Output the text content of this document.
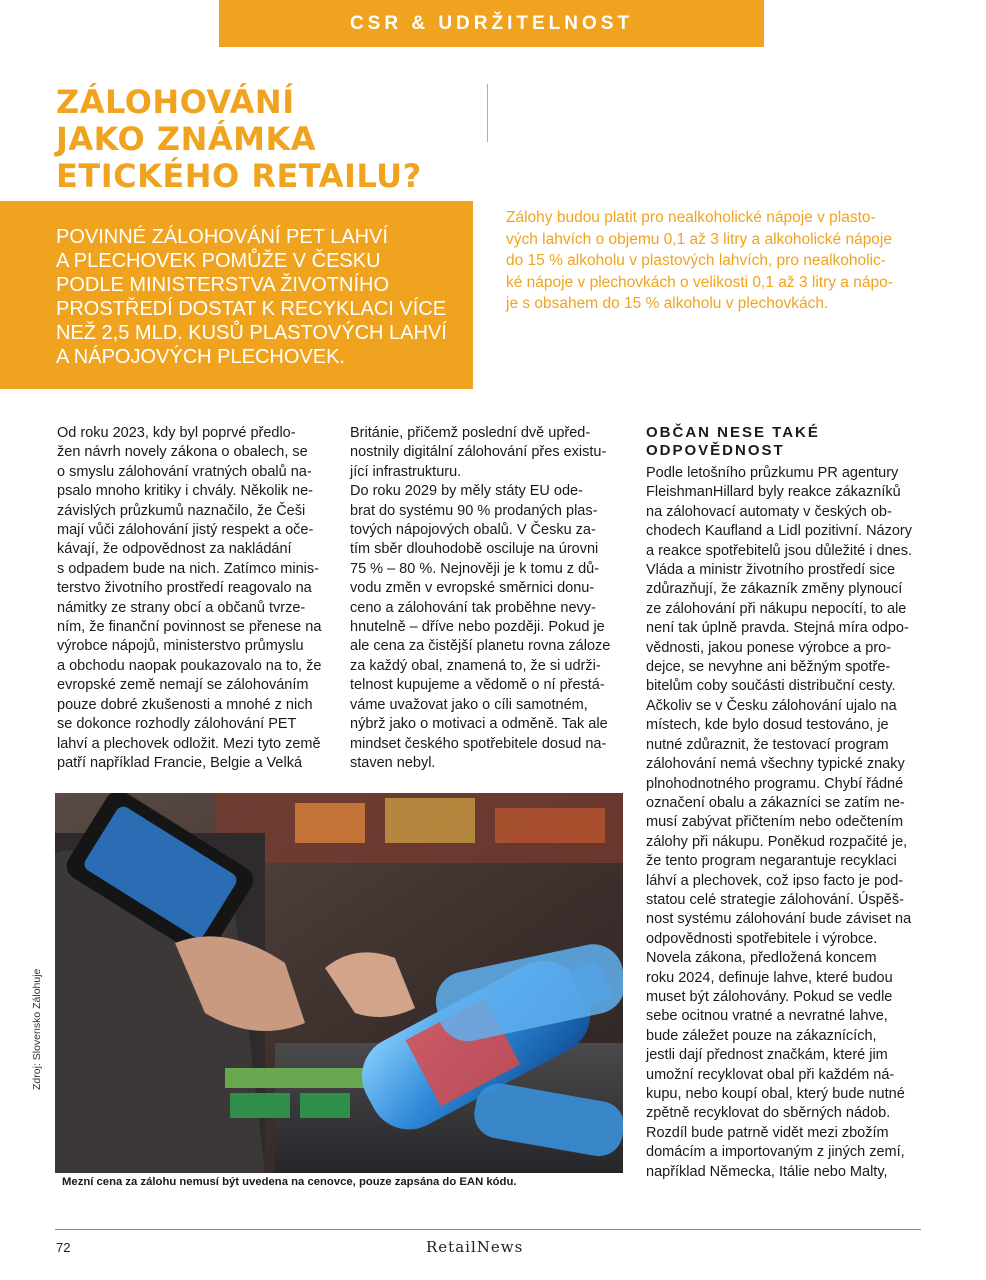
CSR & UDRŽITELNOST
ZÁLOHOVÁNÍ
JAKO ZNÁMKA
ETICKÉHO RETAILU?
POVINNÉ ZÁLOHOVÁNÍ PET LAHVÍ
A PLECHOVEK POMŮŽE V ČESKU
PODLE MINISTERSTVA ŽIVOTNÍHO
PROSTŘEDÍ DOSTAT K RECYKLACI VÍCE
NEŽ 2,5 MLD. KUSŮ PLASTOVÝCH LAHVÍ
A NÁPOJOVÝCH PLECHOVEK.
Zálohy budou platit pro nealkoholické nápoje v plasto-
vých lahvích o objemu 0,1 až 3 litry a alkoholické nápoje
do 15 % alkoholu v plastových lahvích, pro nealkoholic-
ké nápoje v plechovkách o velikosti 0,1 až 3 litry a nápo-
je s obsahem do 15 % alkoholu v plechovkách.
Od roku 2023, kdy byl poprvé předlo-
žen návrh novely zákona o obalech, se
o smyslu zálohování vratných obalů na-
psalo mnoho kritiky i chvály. Několik ne-
závislých průzkumů naznačilo, že Češi
mají vůči zálohování jistý respekt a oče-
kávají, že odpovědnost za nakládání
s odpadem bude na nich. Zatímco minis-
terstvo životního prostředí reagovalo na
námitky ze strany obcí a občanů tvrze-
ním, že finanční povinnost se přenese na
výrobce nápojů, ministerstvo průmyslu
a obchodu naopak poukazovalo na to, že
evropské země nemají se zálohováním
pouze dobré zkušenosti a mnohé z nich
se dokonce rozhodly zálohování PET
lahví a plechovek odložit. Mezi tyto země
patří například Francie, Belgie a Velká
Británie, přičemž poslední dvě upřed-
nostnily digitální zálohování přes existu-
jící infrastrukturu.
Do roku 2029 by měly státy EU ode-
brat do systému 90 % prodaných plas-
tových nápojových obalů. V Česku za-
tím sběr dlouhodobě osciluje na úrovni
75 % – 80 %. Nejnověji je k tomu z dů-
vodu změn v evropské směrnici donu-
ceno a zálohování tak proběhne nevy-
hnutelně – dříve nebo později. Pokud je
ale cena za čistější planetu rovna záloze
za každý obal, znamená to, že si udrži-
telnost kupujeme a vědomě o ní přestá-
váme uvažovat jako o cíli samotném,
nýbrž jako o motivaci a odměně. Tak ale
mindset českého spotřebitele dosud na-
staven nebyl.
OBČAN NESE TAKÉ
ODPOVĚDNOST
Podle letošního průzkumu PR agentury
FleishmanHillard byly reakce zákazníků
na zálohovací automaty v českých ob-
chodech Kaufland a Lidl pozitivní. Názory
a reakce spotřebitelů jsou důležité i dnes.
Vláda a ministr životního prostředí sice
zdůrazňují, že zákazník změny plynoucí
ze zálohování při nákupu nepocítí, to ale
není tak úplně pravda. Stejná míra odpo-
vědnosti, jakou ponese výrobce a pro-
dejce, se nevyhne ani běžným spotře-
bitelům coby součásti distribuční cesty.
Ačkoliv se v Česku zálohování ujalo na
místech, kde bylo dosud testováno, je
nutné zdůraznit, že testovací program
zálohování nemá všechny typické znaky
plnohodnotného programu. Chybí řádné
označení obalu a zákazníci se zatím ne-
musí zabývat přičtením nebo odečtením
zálohy při nákupu. Poněkud rozpačité je,
že tento program negarantuje recyklaci
láhví a plechovek, což ipso facto je pod-
statou celé strategie zálohování. Úspěš-
nost systému zálohování bude záviset na
odpovědnosti spotřebitele i výrobce.
Novela zákona, předložená koncem
roku 2024, definuje lahve, které budou
muset být zálohovány. Pokud se vedle
sebe ocitnou vratné a nevratné lahve,
bude záležet pouze na zákaznících,
jestli dají přednost značkám, které jim
umožní recyklovat obal při každém ná-
kupu, nebo koupí obal, který bude nutné
zpětně recyklovat do sběrných nádob.
Rozdíl bude patrně vidět mezi zbožím
domácím a importovaným z jiných zemí,
například Německa, Itálie nebo Malty,
Zdroj: Slovensko Zálohuje
Mezní cena za zálohu nemusí být uvedena na cenovce, pouze zapsána do EAN kódu.
72	RetailNews
